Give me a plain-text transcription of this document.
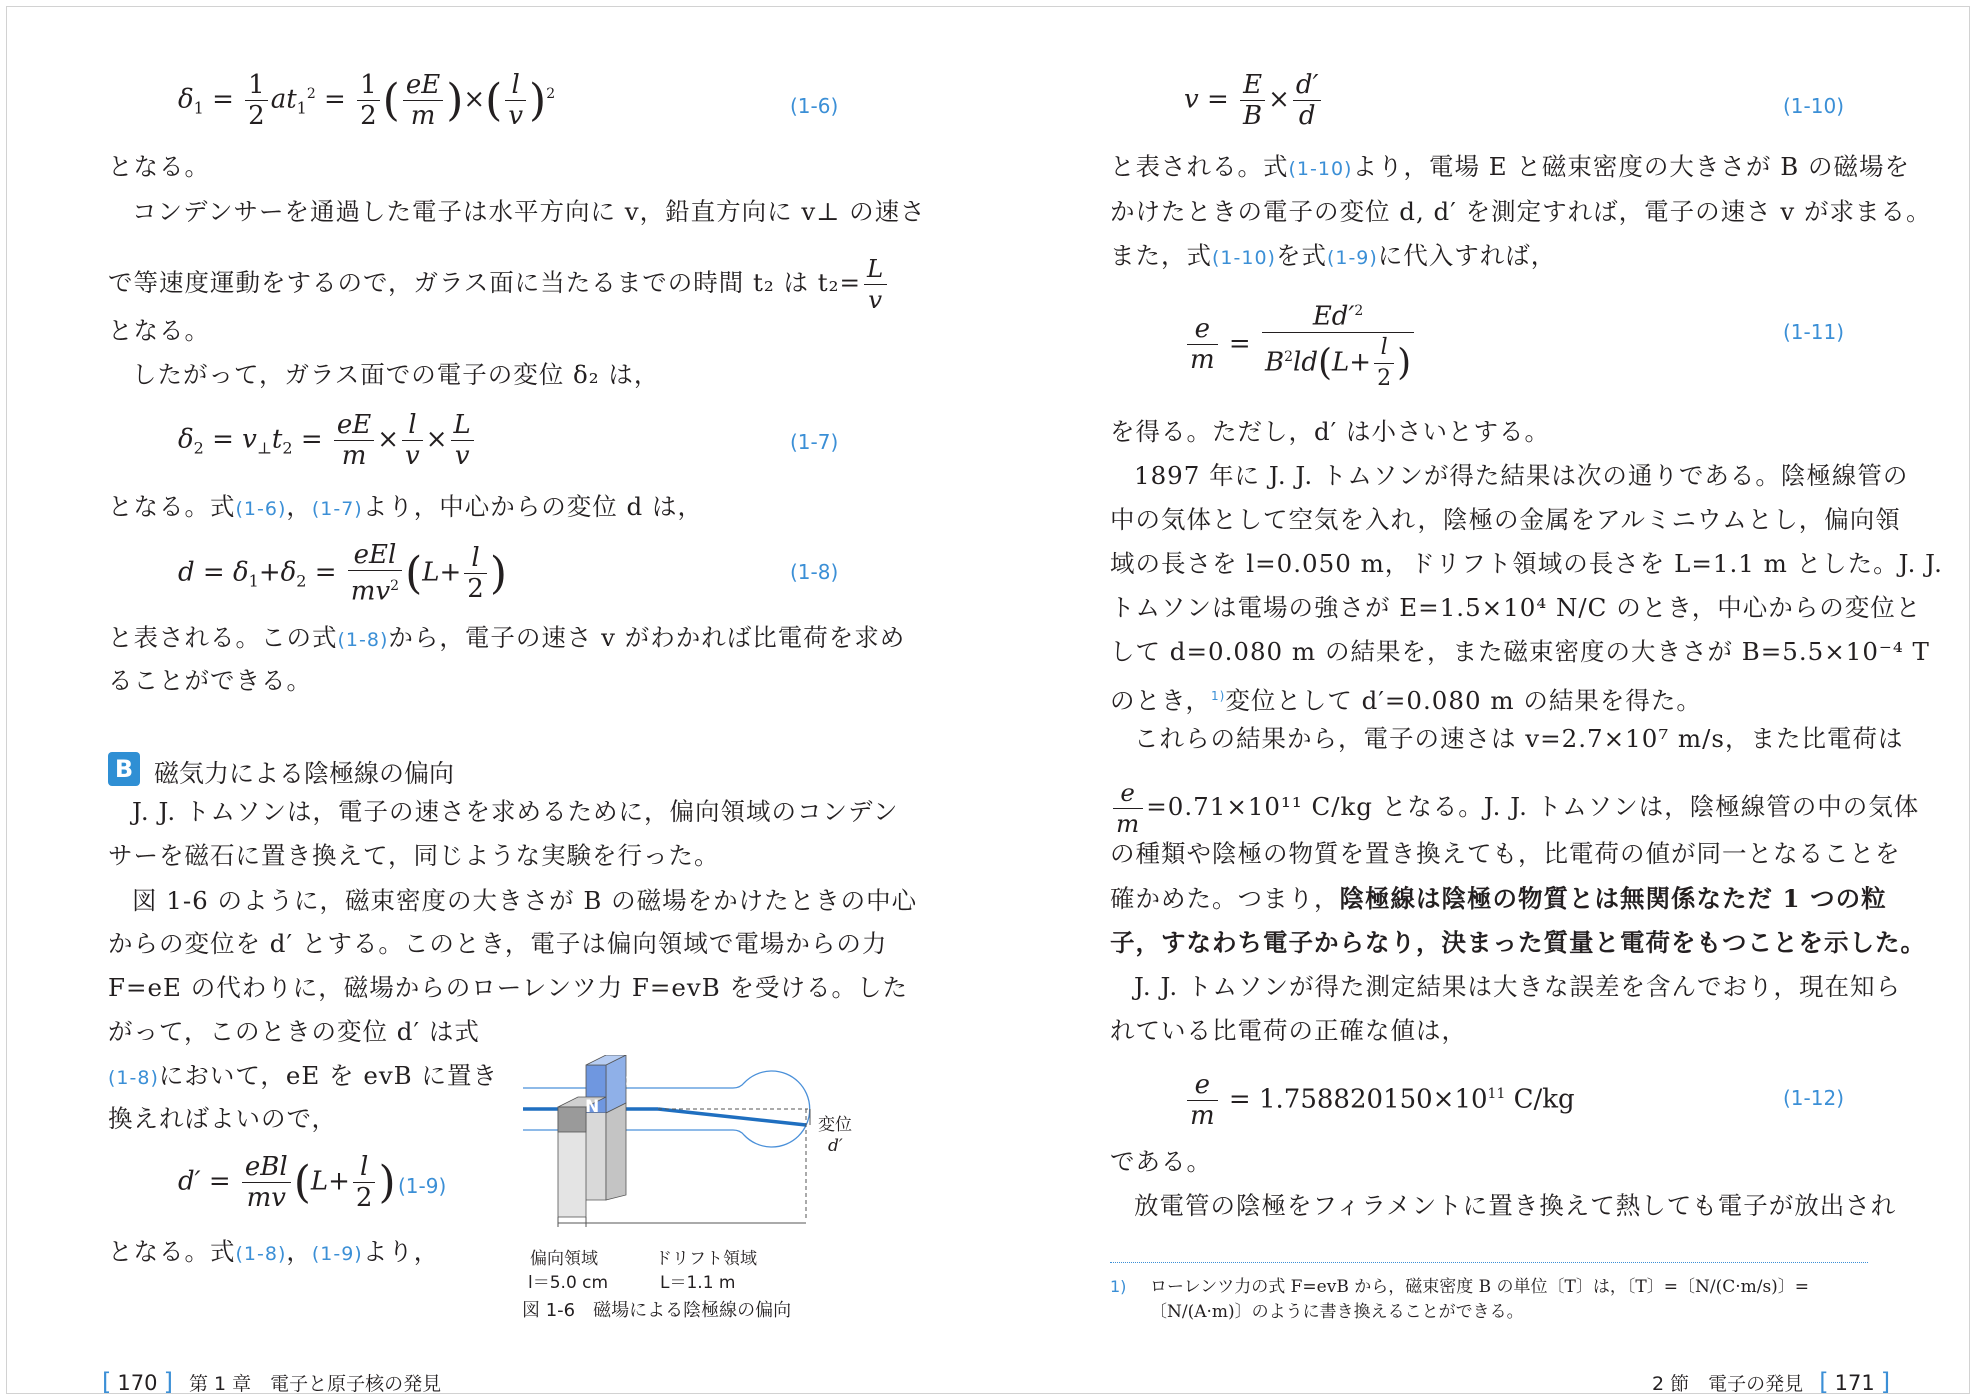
$\delta_1 = \frac{1}{2} at_1^2 = \frac{1}{2}$ ( $\frac{eE}{m}$ )×( $\frac{l}{v} )^2$
(1-6)
となる。
コンデンサーを通過した電子は水平方向に v，鉛直方向に v⊥ の速さ
で等速度運動をするので，ガラス面に当たるまでの時間 t₂ は $t_2= \frac{L}{v}$
となる。
したがって，ガラス面での電子の変位 δ₂ は，
$\delta_2 = v_\perp t_2 = \frac{eE}{m} \times \frac{l}{v} \times \frac{L}{v}$	(1-7)
となる。式(1-6)，(1-7)より，中心からの変位 d は，
$d = \delta_1+\delta_2 = \frac{\text{eEl}}{mv^2} (L+ \frac{l}{2}$ )	(1-8)
と表される。この式(1-8)から，電子の速さ v がわかれば比電荷を求め
ることができる。
B 磁気力による陰極線の偏向
J. J. トムソンは，電子の速さを求めるために，偏向領域のコンデン
サーを磁石に置き換えて，同じような実験を行った。
図 1-6 のように，磁束密度の大きさが B の磁場をかけたときの中心
からの変位を d′ とする。このとき，電子は偏向領域で電場からの力
F=eE の代わりに，磁場からのローレンツ力 F=evB を受ける。した
がって，このときの変位 d′ は式
(1-8)において，eE を evB に置き
換えればよいので，
$d' = \frac{\text{eBl}}{mv} (L+ \frac{l}{2}$ ) (1-9)
となる。式(1-8)，(1-9)より，
N
S
変位
d′
偏向領域
l＝5.0 cm
ドリフト領域
L＝1.1 m
図 1-6　磁場による陰極線の偏向
[ 170 ] 第 1 章　電子と原子核の発見
$v = \frac{E}{B} \times \frac{d'}{d}$	(1-10)
と表される。式(1-10)より，電場 E と磁束密度の大きさが B の磁場を
かけたときの電子の変位 d, d′ を測定すれば，電子の速さ v が求まる。
また，式(1-10)を式(1-9)に代入すれば，
$\frac{e}{m} = \frac{Ed'^2}{B^2ld(L+ \frac{l}{2} )}$	(1-11)
を得る。ただし，d′ は小さいとする。
1897 年に J. J. トムソンが得た結果は次の通りである。陰極線管の
中の気体として空気を入れ，陰極の金属をアルミニウムとし，偏向領
域の長さを l=0.050 m，ドリフト領域の長さを L=1.1 m とした。J. J.
トムソンは電場の強さが E=1.5×10⁴ N/C のとき，中心からの変位と
して d=0.080 m の結果を，また磁束密度の大きさが B=5.5×10⁻⁴ T
のとき，$^{1)}$変位として d′=0.080 m の結果を得た。
これらの結果から，電子の速さは v=2.7×10⁷ m/s，また比電荷は
$\frac{e}{m} =0.71\times 10^{11}$ C/kg となる。J. J. トムソンは，陰極線管の中の気体
の種類や陰極の物質を置き換えても，比電荷の値が同一となることを
確かめた。つまり，陰極線は陰極の物質とは無関係なただ 1 つの粒
子，すなわち電子からなり，決まった質量と電荷をもつことを示した。
J. J. トムソンが得た測定結果は大きな誤差を含んでおり，現在知ら
れている比電荷の正確な値は，
$\frac{e}{m} = 1.758820150\times 10^{11}$ C/kg	(1-12)
である。
放電管の陰極をフィラメントに置き換えて熱しても電子が放出され
1) ローレンツ力の式 F=evB から，磁束密度 B の単位〔T〕は，〔T〕=〔N/(C·m/s)〕=
〔N/(A·m)〕のように書き換えることができる。
2 節　電子の発見 [ 171 ]
